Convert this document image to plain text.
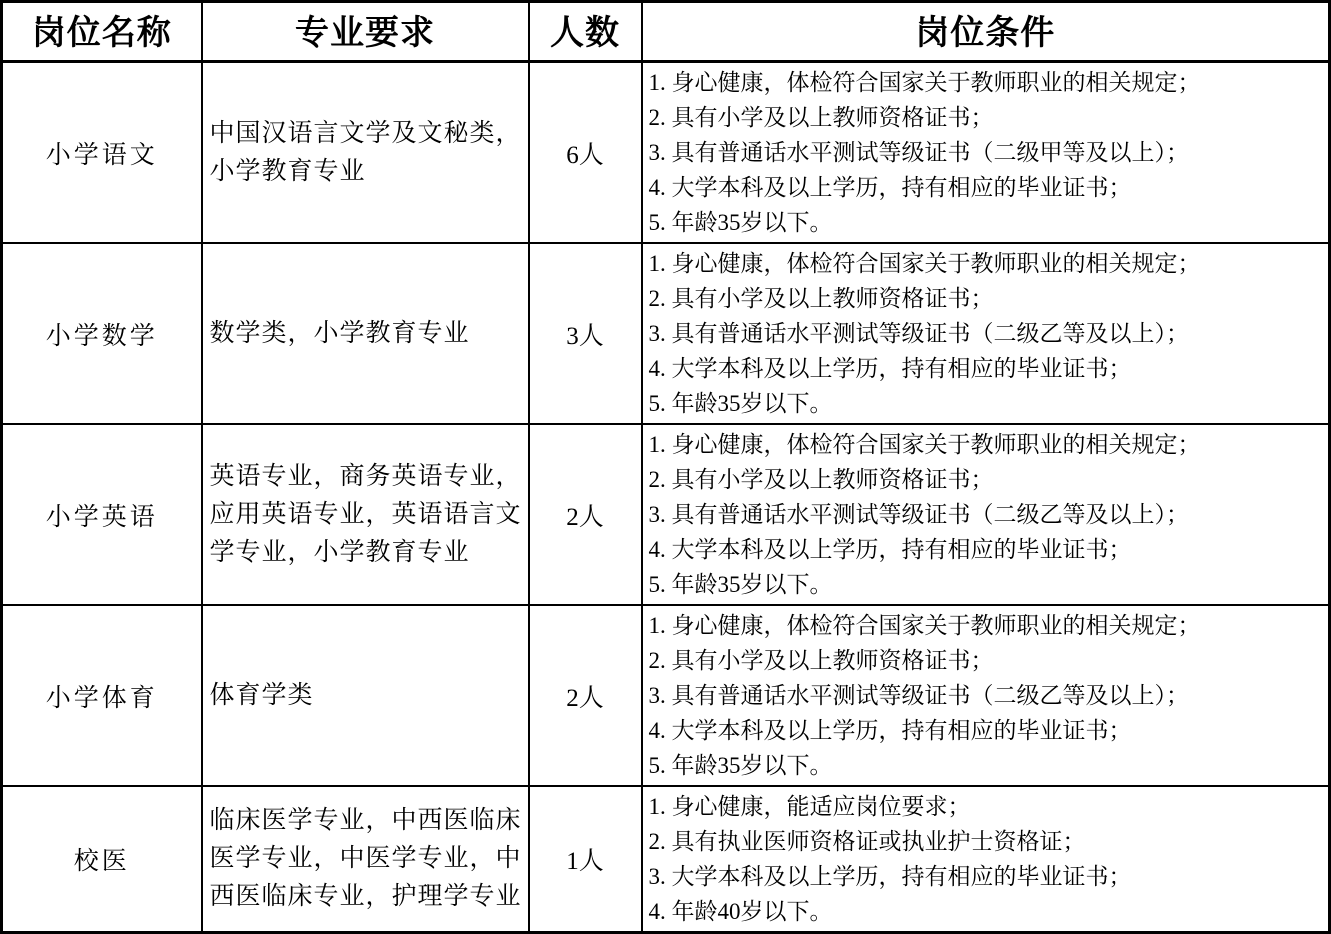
岗位名称	专业要求	人数	岗位条件
小学语文	中国汉语言文学及文秘类，小学教育专业	6人	1. 身心健康，体检符合国家关于教师职业的相关规定；
2. 具有小学及以上教师资格证书；
3. 具有普通话水平测试等级证书（二级甲等及以上）；
4. 大学本科及以上学历，持有相应的毕业证书；
5. 年龄35岁以下。

小学数学	数学类，小学教育专业	3人	1. 身心健康，体检符合国家关于教师职业的相关规定；
2. 具有小学及以上教师资格证书；
3. 具有普通话水平测试等级证书（二级乙等及以上）；
4. 大学本科及以上学历，持有相应的毕业证书；
5. 年龄35岁以下。

小学英语	英语专业，商务英语专业，应用英语专业，英语语言文学专业，小学教育专业	2人	1. 身心健康，体检符合国家关于教师职业的相关规定；
2. 具有小学及以上教师资格证书；
3. 具有普通话水平测试等级证书（二级乙等及以上）；
4. 大学本科及以上学历，持有相应的毕业证书；
5. 年龄35岁以下。

小学体育	体育学类	2人	1. 身心健康，体检符合国家关于教师职业的相关规定；
2. 具有小学及以上教师资格证书；
3. 具有普通话水平测试等级证书（二级乙等及以上）；
4. 大学本科及以上学历，持有相应的毕业证书；
5. 年龄35岁以下。

校医	临床医学专业，中西医临床医学专业，中医学专业，中西医临床专业，护理学专业	1人	1. 身心健康，能适应岗位要求；
2. 具有执业医师资格证或执业护士资格证；
3. 大学本科及以上学历，持有相应的毕业证书；
4. 年龄40岁以下。
